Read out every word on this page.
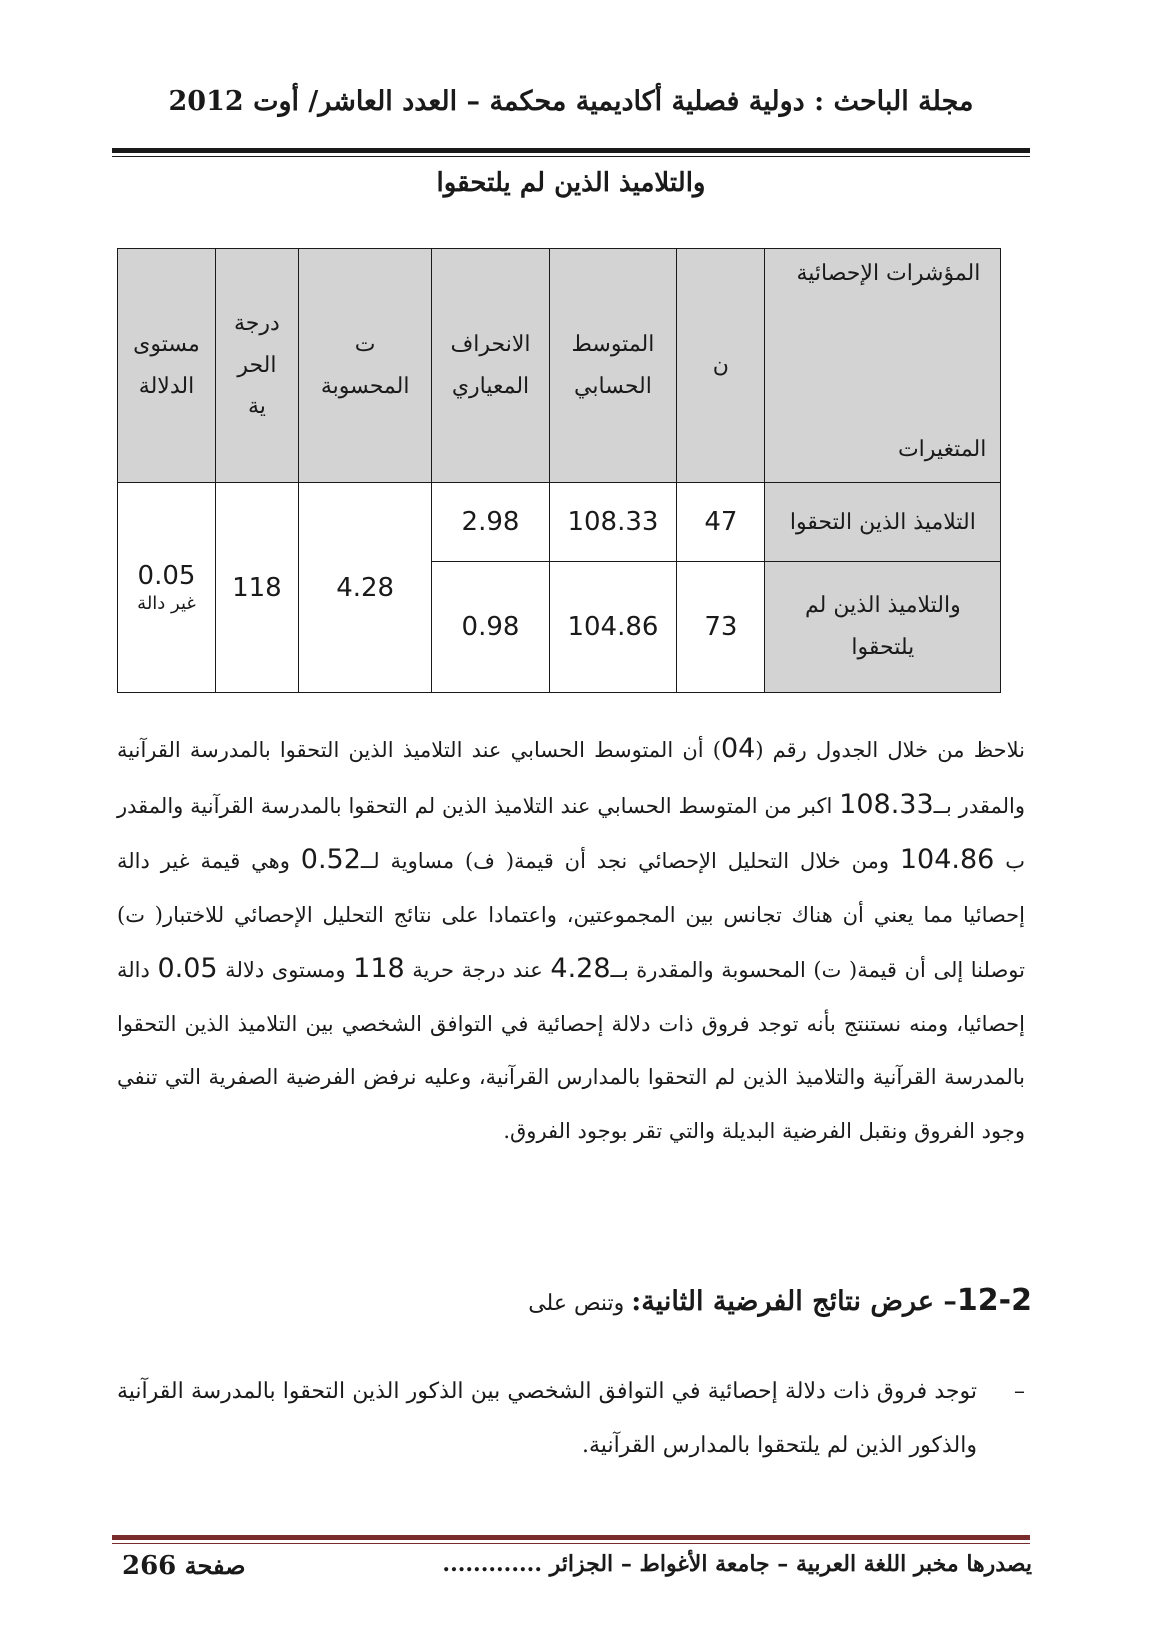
مجلة الباحث : دولية فصلية أكاديمية محكمة – العدد العاشر/ أوت 2012
والتلاميذ الذين لم يلتحقوا
المؤشرات الإحصائية
المتغيرات	ن	المتوسط الحسابي	الانحراف المعياري	ت المحسوبة	درجة الحر ية	مستوى الدلالة

التلاميذ الذين التحقوا	47	108.33	2.98	4.28	118	0.05
غير دالة

والتلاميذ الذين لم يلتحقوا	73	104.86	0.98			
نلاحظ من خلال الجدول رقم (04) أن المتوسط الحسابي عند التلاميذ الذين التحقوا بالمدرسة القرآنية والمقدر بــ108.33 اكبر من المتوسط الحسابي عند التلاميذ الذين لم التحقوا بالمدرسة القرآنية والمقدر ب 104.86 ومن خلال التحليل الإحصائي نجد أن قيمة( ف) مساوية لــ0.52 وهي قيمة غير دالة إحصائيا مما يعني أن هناك تجانس بين المجموعتين، واعتمادا على نتائج التحليل الإحصائي للاختبار( ت) توصلنا إلى أن قيمة( ت) المحسوبة والمقدرة بــ4.28 عند درجة حرية 118 ومستوى دلالة 0.05 دالة إحصائيا، ومنه نستنتج بأنه توجد فروق ذات دلالة إحصائية في التوافق الشخصي بين التلاميذ الذين التحقوا بالمدرسة القرآنية والتلاميذ الذين لم التحقوا بالمدارس القرآنية، وعليه نرفض الفرضية الصفرية التي تنفي وجود الفروق ونقبل الفرضية البديلة والتي تقر بوجود الفروق.
12-2– عرض نتائج الفرضية الثانية: وتنص على
–
توجد فروق ذات دلالة إحصائية في التوافق الشخصي بين الذكور الذين التحقوا بالمدرسة القرآنية والذكور الذين لم يلتحقوا بالمدارس القرآنية.
يصدرها مخبر اللغة العربية – جامعة الأغواط – الجزائر .............
صفحة 266
